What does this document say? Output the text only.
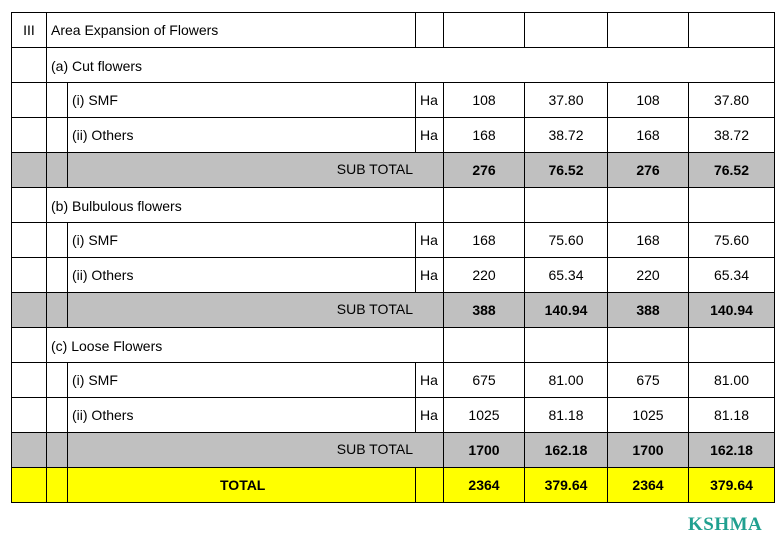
III	Area Expansion of Flowers						

	(a) Cut flowers						

		(i) SMF	Ha	108	37.80	108	37.80
		(ii) Others	Ha	168	38.72	168	38.72

		SUB TOTAL		276	76.52	276	76.52

	(b) Bulbulous flowers						

		(i) SMF	Ha	168	75.60	168	75.60
		(ii) Others	Ha	220	65.34	220	65.34

		SUB TOTAL		388	140.94	388	140.94

	(c) Loose Flowers						

		(i) SMF	Ha	675	81.00	675	81.00
		(ii) Others	Ha	1025	81.18	1025	81.18

		SUB TOTAL		1700	162.18	1700	162.18

		TOTAL		2364	379.64	2364	379.64
KSHMA
